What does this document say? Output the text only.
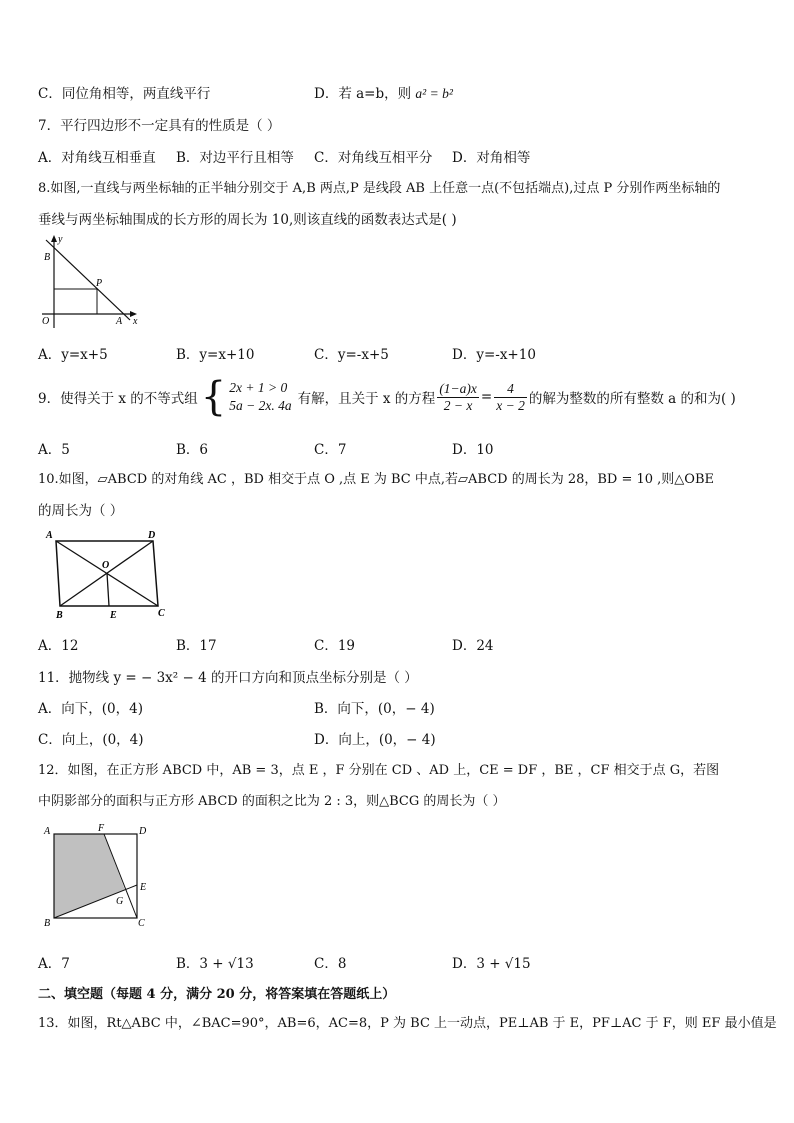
C．同位角相等，两直线平行	D．若 a=b，则 a² = b²
7．平行四边形不一定具有的性质是（ ）
A．对角线互相垂直 B．对边平行且相等 C．对角线互相平分 D．对角相等
8.如图,一直线与两坐标轴的正半轴分别交于 A,B 两点,P 是线段 AB 上任意一点(不包括端点),过点 P 分别作两坐标轴的
垂线与两坐标轴围成的长方形的周长为 10,则该直线的函数表达式是( )
y
x
B
P
O	A
A．y=x+5	B．y=x+10	C．y=-x+5	D．y=-x+10
9．使得关于 x 的不等式组 { 2x + 1 > 0
5a − 2x. 4a 有解，且关于 x 的方程 $\frac{(1-a)x}{2 - x} = \frac{4}{x - 2}$ 的解为整数的所有整数 a 的和为( )
A．5	B．6	C．7	D．10
10.如图，▱ABCD 的对角线 AC ，BD 相交于点 O ,点 E 为 BC 中点,若▱ABCD 的周长为 28，BD = 10 ,则△OBE
的周长为（ ）
A	D
O
B	E	C
A．12	B．17	C．19	D．24
11．抛物线 y = − 3x² − 4 的开口方向和顶点坐标分别是（ ）
A．向下，(0，4)	B．向下，(0，− 4)
C．向上，(0，4)	D．向上，(0，− 4)
12．如图，在正方形 ABCD 中，AB = 3，点 E ，F 分别在 CD 、AD 上，CE = DF ，BE ，CF 相交于点 G，若图
中阴影部分的面积与正方形 ABCD 的面积之比为 2 : 3，则△BCG 的周长为（ ）
A	F	D
E
G
B	C
A．7	B．3 + √13	C．8	D．3 + √15
二、填空题（每题 4 分，满分 20 分，将答案填在答题纸上）
13．如图，Rt△ABC 中，∠BAC=90°，AB=6，AC=8，P 为 BC 上一动点，PE⊥AB 于 E，PF⊥AC 于 F，则 EF 最小值是
